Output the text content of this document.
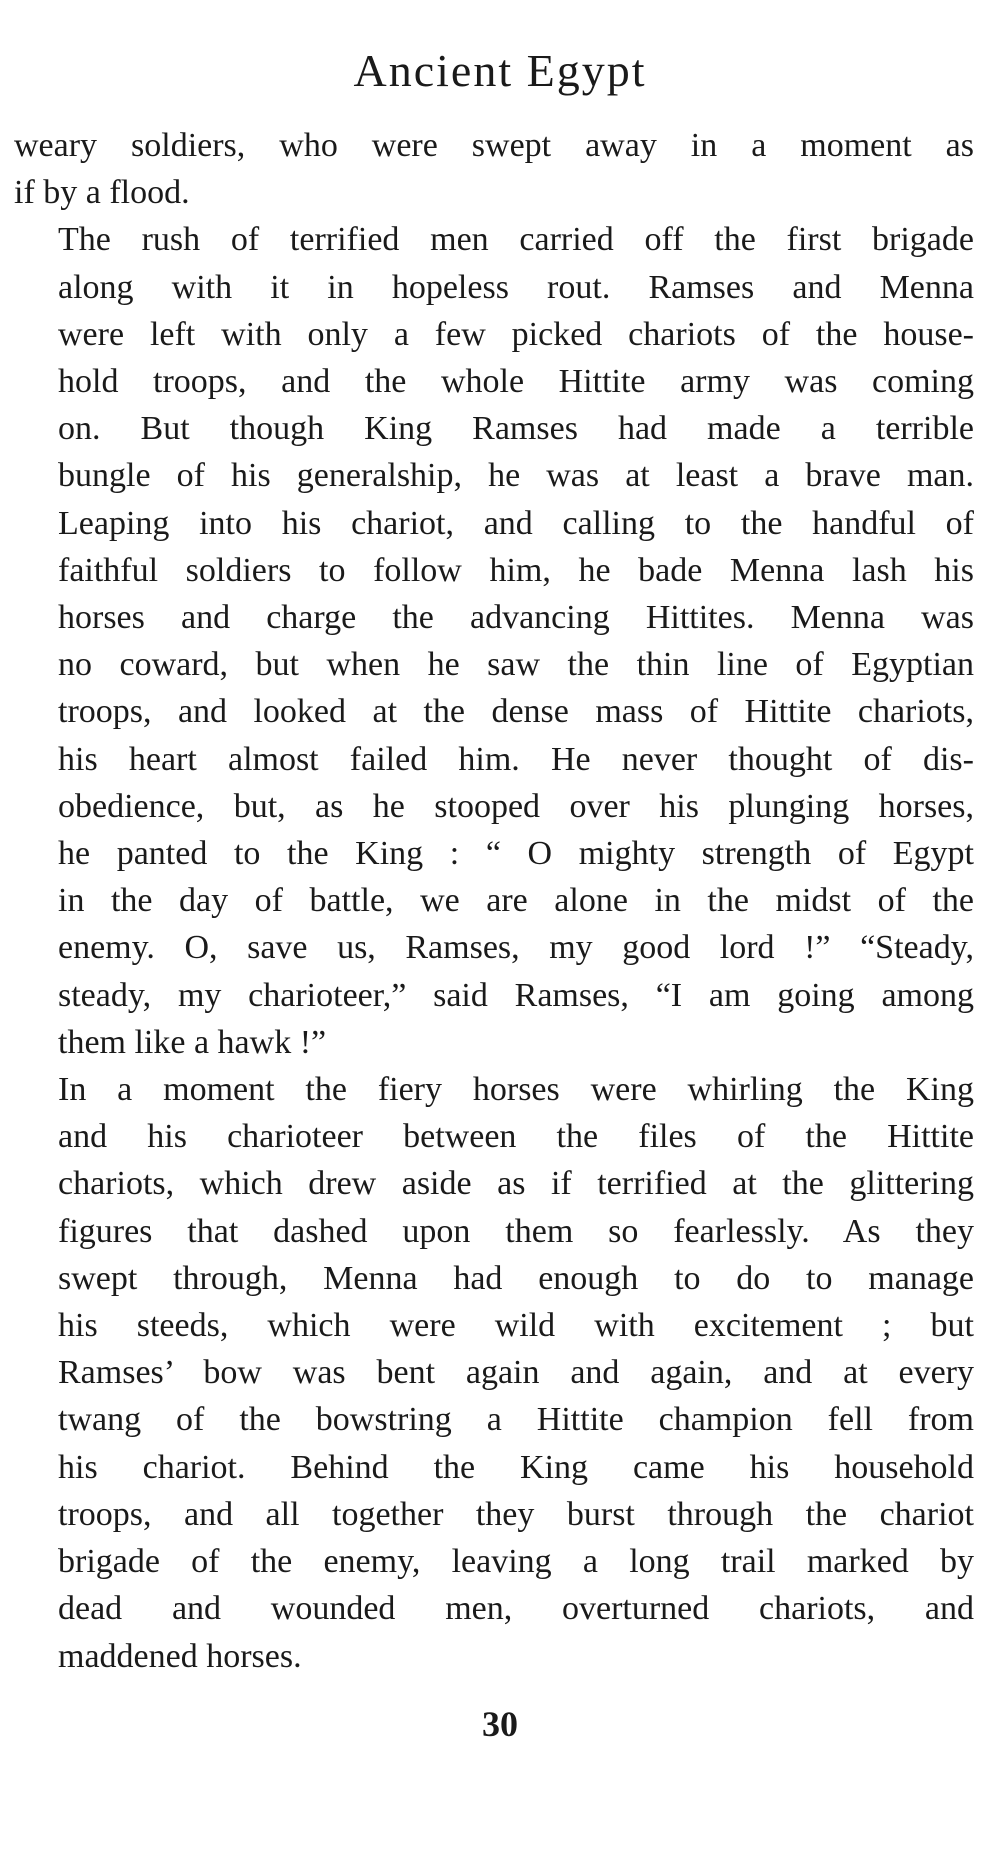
Ancient Egypt

weary soldiers, who were swept away in a moment as
if by a flood.

The rush of terrified men carried off the first brigade
along with it in hopeless rout. Ramses and Menna
were left with only a few picked chariots of the house-
hold troops, and the whole Hittite army was coming
on. But though King Ramses had made a terrible
bungle of his generalship, he was at least a brave man.
Leaping into his chariot, and calling to the handful of
faithful soldiers to follow him, he bade Menna lash his
horses and charge the advancing Hittites. Menna was
no coward, but when he saw the thin line of Egyptian
troops, and looked at the dense mass of Hittite chariots,
his heart almost failed him. He never thought of dis-
obedience, but, as he stooped over his plunging horses,
he panted to the King : “ O mighty strength of Egypt
in the day of battle, we are alone in the midst of the
enemy. O, save us, Ramses, my good lord !” “Steady,
steady, my charioteer,” said Ramses, “I am going among
them like a hawk !”

In a moment the fiery horses were whirling the King
and his charioteer between the files of the Hittite
chariots, which drew aside as if terrified at the glittering
figures that dashed upon them so fearlessly. As they
swept through, Menna had enough to do to manage
his steeds, which were wild with excitement ; but
Ramses’ bow was bent again and again, and at every
twang of the bowstring a Hittite champion fell from
his chariot. Behind the King came his household
troops, and all together they burst through the chariot
brigade of the enemy, leaving a long trail marked by
dead and wounded men, overturned chariots, and
maddened horses.

30
